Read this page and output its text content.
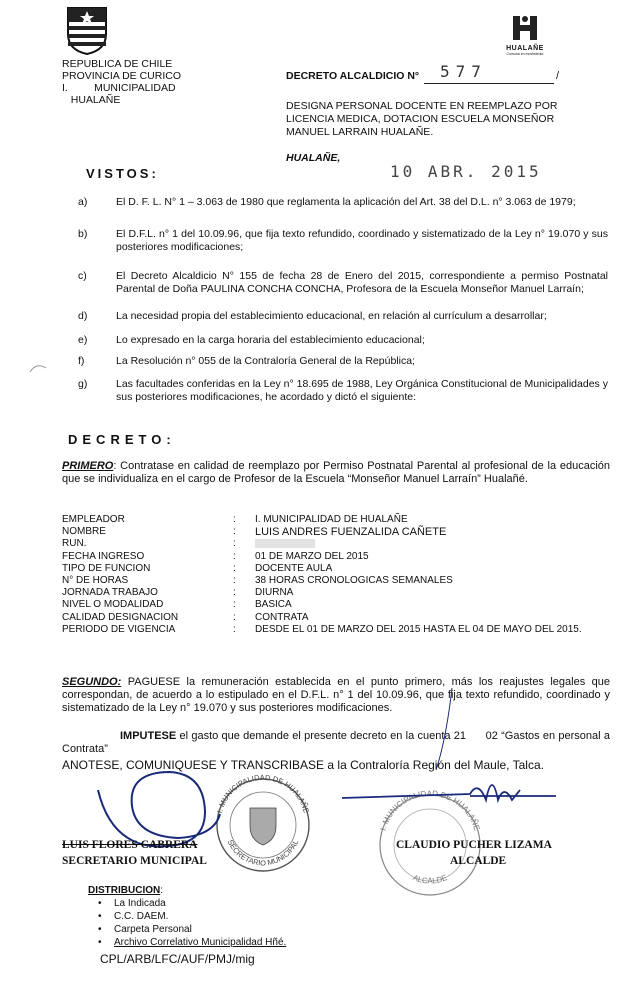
REPUBLICA DE CHILE
PROVINCIA DE CURICO
I.         MUNICIPALIDAD
HUALAÑE
HUALAÑE
Comuna en movimiento
DECRETO ALCALDICIO N° 577	/
DESIGNA PERSONAL DOCENTE EN REEMPLAZO POR LICENCIA MEDICA, DOTACION ESCUELA MONSEÑOR MANUEL LARRAIN HUALAÑE.
HUALAÑE,
10 ABR. 2015
VISTOS:
a)	El D. F. L. N° 1 – 3.063 de 1980 que reglamenta la aplicación del Art. 38 del D.L. n° 3.063 de 1979;
b)	El D.F.L. n° 1 del 10.09.96, que fija texto refundido, coordinado y sistematizado de la Ley n° 19.070 y sus posteriores modificaciones;
c)	El Decreto Alcaldicio N° 155 de fecha 28 de Enero del 2015, correspondiente a permiso Postnatal Parental de Doña PAULINA CONCHA CONCHA, Profesora de la Escuela Monseñor Manuel Larraín;
d)	La necesidad propia del establecimiento educacional, en relación al currículum a desarrollar;
e)	Lo expresado en la carga horaria del establecimiento educacional;
f)	La Resolución n° 055 de la Contraloría General de la República;
g)	Las facultades conferidas en la Ley n° 18.695 de 1988, Ley Orgánica Constitucional de Municipalidades y sus posteriores modificaciones, he acordado y dictó el siguiente:
DECRETO:
PRIMERO: Contratase en calidad de reemplazo por Permiso Postnatal Parental al profesional de la educación que se individualiza en el cargo de Profesor de la Escuela “Monseñor Manuel Larraín” Hualañé.
EMPLEADOR	: I. MUNICIPALIDAD DE HUALAÑE
NOMBRE	: LUIS ANDRES FUENZALIDA CAÑETE
RUN.	:
FECHA INGRESO	: 01 DE MARZO DEL 2015
TIPO DE FUNCION	: DOCENTE AULA
N° DE HORAS	: 38 HORAS CRONOLOGICAS SEMANALES
JORNADA TRABAJO	: DIURNA
NIVEL O MODALIDAD	: BASICA
CALIDAD DESIGNACION	: CONTRATA
PERIODO DE VIGENCIA	: DESDE EL 01 DE MARZO DEL 2015 HASTA EL 04 DE MAYO DEL 2015.
SEGUNDO: PAGUESE la remuneración establecida en el punto primero, más los reajustes legales que correspondan, de acuerdo a lo estipulado en el D.F.L. n° 1 del 10.09.96, que fija texto refundido, coordinado y sistematizado de la Ley n° 19.070 y sus posteriores modificaciones.
IMPUTESE el gasto que demande el presente decreto en la cuenta 21      02 “Gastos en personal a Contrata”
ANOTESE, COMUNIQUESE Y TRANSCRIBASE a la Contraloría Región del Maule, Talca.
I. MUNICIPALIDAD DE HUALAÑE
SECRETARIO MUNICIPAL
I. MUNICIPALIDAD DE HUALAÑE
ALCALDE
LUIS FLORES CABRERA
SECRETARIO MUNICIPAL
CLAUDIO PUCHER LIZAMA
ALCALDE
DISTRIBUCION:
• La Indicada
• C.C. DAEM.
• Carpeta Personal
• Archivo Correlativo Municipalidad Hñé.
CPL/ARB/LFC/AUF/PMJ/mig
